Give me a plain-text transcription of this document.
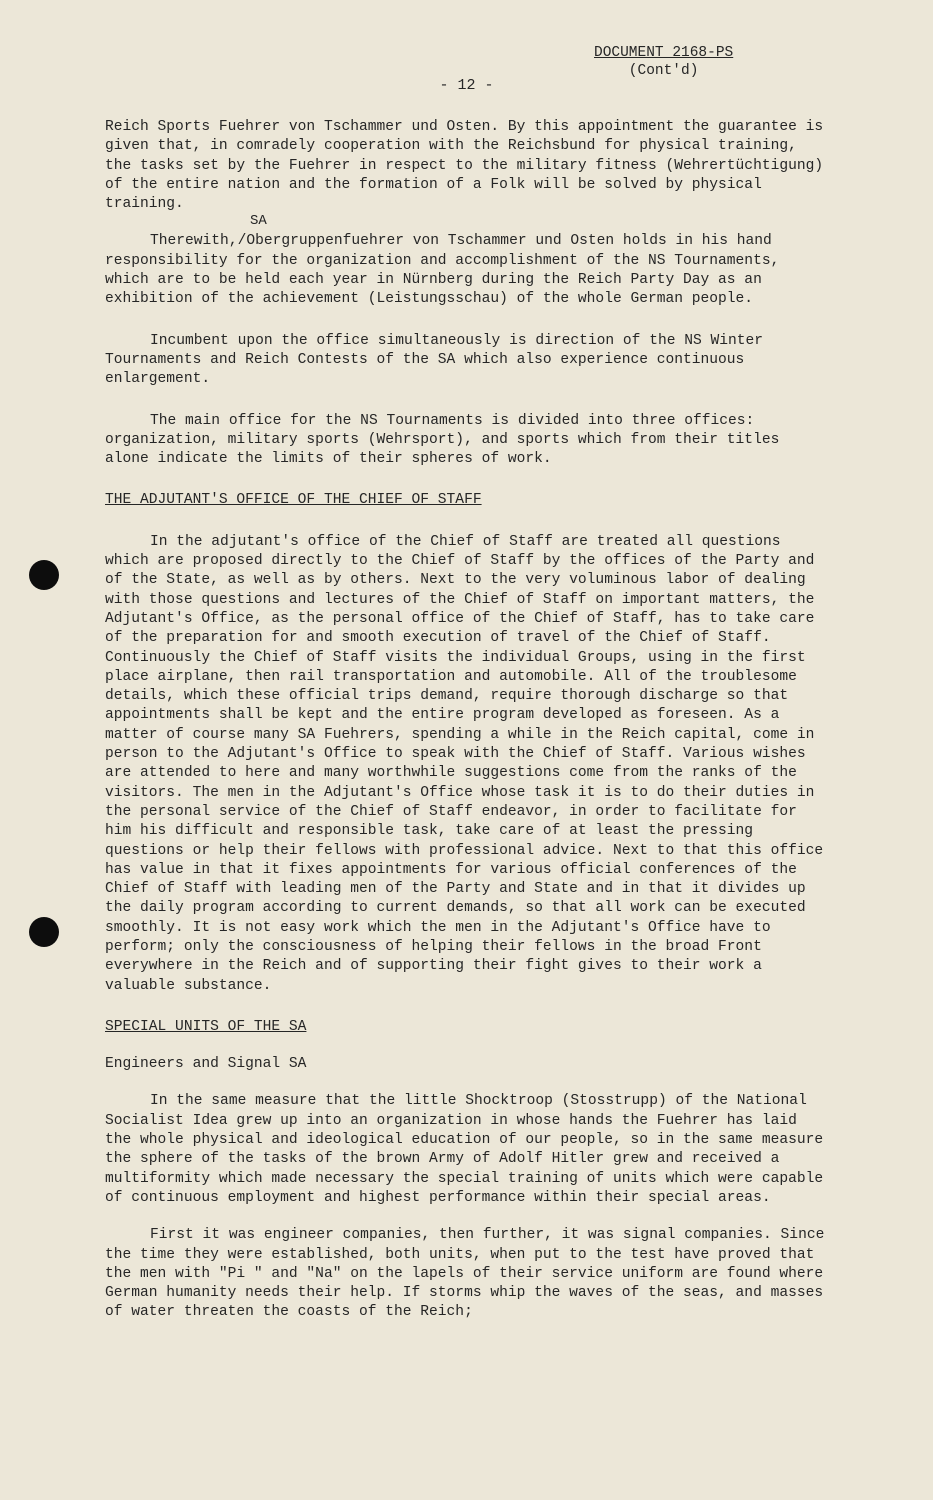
DOCUMENT 2168-PS
(Cont'd)
- 12 -

Reich Sports Fuehrer von Tschammer und Osten. By this appointment the guarantee is given that, in comradely cooperation with the Reichsbund for physical training, the tasks set by the Fuehrer in respect to the military fitness (Wehrertüchtigung) of the entire nation and the formation of a Folk will be solved by physical training.

SA

Therewith,/Obergruppenfuehrer von Tschammer und Osten holds in his hand responsibility for the organization and accomplishment of the NS Tournaments, which are to be held each year in Nürnberg during the Reich Party Day as an exhibition of the achievement (Leistungsschau) of the whole German people.

Incumbent upon the office simultaneously is direction of the NS Winter Tournaments and Reich Contests of the SA which also experience continuous enlargement.

The main office for the NS Tournaments is divided into three offices: organization, military sports (Wehrsport), and sports which from their titles alone indicate the limits of their spheres of work.

THE ADJUTANT'S OFFICE OF THE CHIEF OF STAFF

In the adjutant's office of the Chief of Staff are treated all questions which are proposed directly to the Chief of Staff by the offices of the Party and of the State, as well as by others. Next to the very voluminous labor of dealing with those questions and lectures of the Chief of Staff on important matters, the Adjutant's Office, as the personal office of the Chief of Staff, has to take care of the preparation for and smooth execution of travel of the Chief of Staff. Continuously the Chief of Staff visits the individual Groups, using in the first place airplane, then rail transportation and automobile. All of the troublesome details, which these official trips demand, require thorough discharge so that appointments shall be kept and the entire program developed as foreseen. As a matter of course many SA Fuehrers, spending a while in the Reich capital, come in person to the Adjutant's Office to speak with the Chief of Staff. Various wishes are attended to here and many worthwhile suggestions come from the ranks of the visitors. The men in the Adjutant's Office whose task it is to do their duties in the personal service of the Chief of Staff endeavor, in order to facilitate for him his difficult and responsible task, take care of at least the pressing questions or help their fellows with professional advice. Next to that this office has value in that it fixes appointments for various official conferences of the Chief of Staff with leading men of the Party and State and in that it divides up the daily program according to current demands, so that all work can be executed smoothly. It is not easy work which the men in the Adjutant's Office have to perform; only the consciousness of helping their fellows in the broad Front everywhere in the Reich and of supporting their fight gives to their work a valuable substance.

SPECIAL UNITS OF THE SA

Engineers and Signal SA

In the same measure that the little Shocktroop (Stosstrupp) of the National Socialist Idea grew up into an organization in whose hands the Fuehrer has laid the whole physical and ideological education of our people, so in the same measure the sphere of the tasks of the brown Army of Adolf Hitler grew and received a multiformity which made necessary the special training of units which were capable of continuous employment and highest performance within their special areas.

First it was engineer companies, then further, it was signal companies. Since the time they were established, both units, when put to the test have proved that the men with "Pi " and "Na" on the lapels of their service uniform are found where German humanity needs their help. If storms whip the waves of the seas, and masses of water threaten the coasts of the Reich;
